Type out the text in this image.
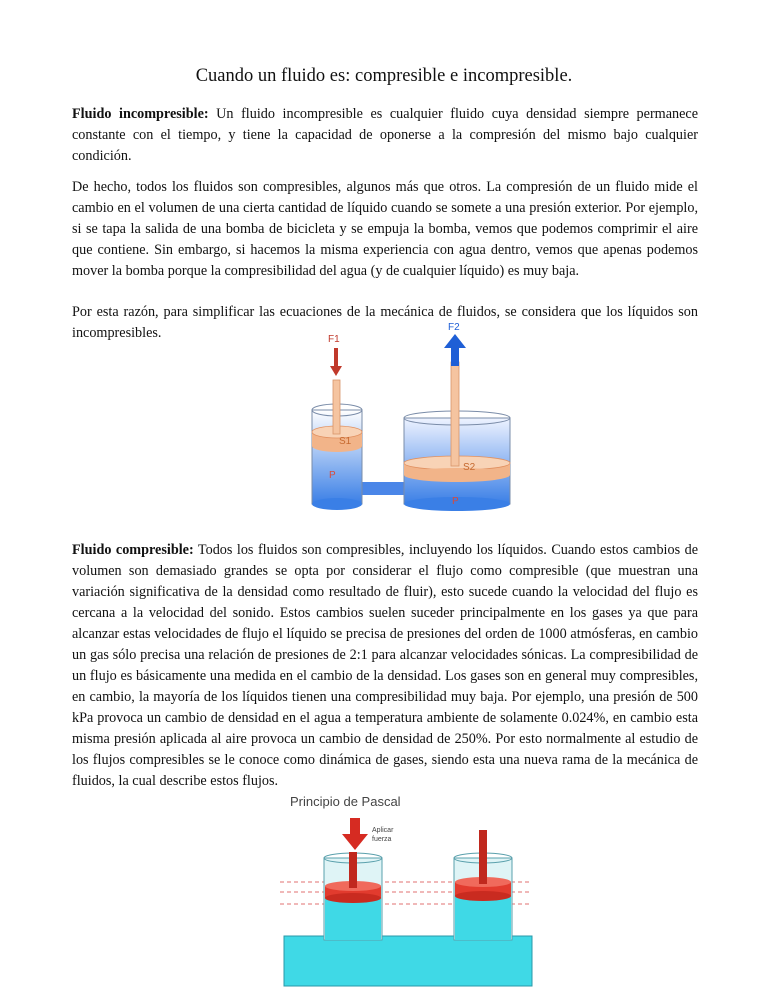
Cuando un fluido es: compresible e incompresible.

Fluido incompresible: Un fluido incompresible es cualquier fluido cuya densidad siempre permanece constante con el tiempo, y tiene la capacidad de oponerse a la compresión del mismo bajo cualquier condición.

De hecho, todos los fluidos son compresibles, algunos más que otros. La compresión de un fluido mide el cambio en el volumen de una cierta cantidad de líquido cuando se somete a una presión exterior. Por ejemplo, si se tapa la salida de una bomba de bicicleta y se empuja la bomba, vemos que podemos comprimir el aire que contiene. Sin embargo, si hacemos la misma experiencia con agua dentro, vemos que apenas podemos mover la bomba porque la compresibilidad del agua (y de cualquier líquido) es muy baja.

Por esta razón, para simplificar las ecuaciones de la mecánica de fluidos, se considera que los líquidos son incompresibles.	F1
S1
P
F2
S2
P

Fluido compresible: Todos los fluidos son compresibles, incluyendo los líquidos. Cuando estos cambios de volumen son demasiado grandes se opta por considerar el flujo como compresible (que muestran una variación significativa de la densidad como resultado de fluir), esto sucede cuando la velocidad del flujo es cercana a la velocidad del sonido. Estos cambios suelen suceder principalmente en los gases ya que para alcanzar estas velocidades de flujo el líquido se precisa de presiones del orden de 1000 atmósferas, en cambio un gas sólo precisa una relación de presiones de 2:1 para alcanzar velocidades sónicas. La compresibilidad de un flujo es básicamente una medida en el cambio de la densidad. Los gases son en general muy compresibles, en cambio, la mayoría de los líquidos tienen una compresibilidad muy baja. Por ejemplo, una presión de 500 kPa provoca un cambio de densidad en el agua a temperatura ambiente de solamente 0.024%, en cambio esta misma presión aplicada al aire provoca un cambio de densidad de 250%. Por esto normalmente al estudio de los flujos compresibles se le conoce como dinámica de gases, siendo esta una nueva rama de la mecánica de fluidos, la cual describe estos flujos.

Principio de Pascal
Aplicar
fuerza
